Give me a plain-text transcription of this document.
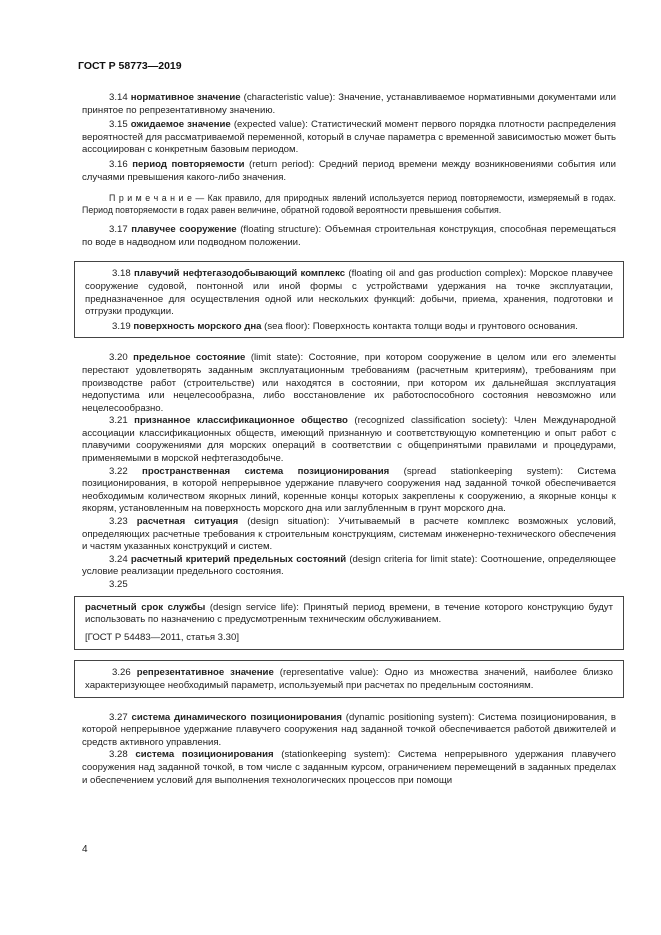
ГОСТ Р 58773—2019

3.14 нормативное значение (characteristic value): Значение, устанавливаемое нормативными документами или принятое по репрезентативному значению.

3.15 ожидаемое значение (expected value): Статистический момент первого порядка плотности распределения вероятностей для рассматриваемой переменной, который в случае параметра с временной зависимостью может быть ассоциирован с конкретным базовым периодом.

3.16 период повторяемости (return period): Средний период времени между возникновениями события или случаями превышения какого-либо значения.

П р и м е ч а н и е — Как правило, для природных явлений используется период повторяемости, измеряемый в годах. Период повторяемости в годах равен величине, обратной годовой вероятности превышения события.

3.17 плавучее сооружение (floating structure): Объемная строительная конструкция, способная перемещаться по воде в надводном или подводном положении.

3.18 плавучий нефтегазодобывающий комплекс (floating oil and gas production complex): Морское плавучее сооружение судовой, понтонной или иной формы с устройствами удержания на точке эксплуатации, предназначенное для осуществления одной или нескольких функций: добычи, приема, хранения, подготовки и отгрузки продукции.

3.19 поверхность морского дна (sea floor): Поверхность контакта толщи воды и грунтового основания.

3.20 предельное состояние (limit state): Состояние, при котором сооружение в целом или его элементы перестают удовлетворять заданным эксплуатационным требованиям (расчетным критериям), требованиям при производстве работ (строительстве) или находятся в состоянии, при котором их дальнейшая эксплуатация недопустима или нецелесообразна, либо восстановление их работоспособного состояния невозможно или нецелесообразно.

3.21 признанное классификационное общество (recognized classification society): Член Международной ассоциации классификационных обществ, имеющий признанную и соответствующую компетенцию и опыт работ с плавучими сооружениями для морских операций в соответствии с общепринятыми правилами и процедурами, применяемыми в морской нефтегазодобыче.

3.22 пространственная система позиционирования (spread stationkeeping system): Система позиционирования, в которой непрерывное удержание плавучего сооружения над заданной точкой обеспечивается необходимым количеством якорных линий, коренные концы которых закреплены к сооружению, а якорные концы к якорям, установленным на поверхность морского дна или заглубленным в грунт морского дна.

3.23 расчетная ситуация (design situation): Учитываемый в расчете комплекс возможных условий, определяющих расчетные требования к строительным конструкциям, системам инженерно-технического обеспечения и частям указанных конструкций и систем.

3.24 расчетный критерий предельных состояний (design criteria for limit state): Соотношение, определяющее условие реализации предельного состояния.

3.25

расчетный срок службы (design service life): Принятый период времени, в течение которого конструкцию будут использовать по назначению с предусмотренным техническим обслуживанием.

[ГОСТ Р 54483—2011, статья 3.30]

3.26 репрезентативное значение (representative value): Одно из множества значений, наиболее близко характеризующее необходимый параметр, используемый при расчетах по предельным состояниям.

3.27 система динамического позиционирования (dynamic positioning system): Система позиционирования, в которой непрерывное удержание плавучего сооружения над заданной точкой обеспечивается работой движителей и средств активного управления.

3.28 система позиционирования (stationkeeping system): Система непрерывного удержания плавучего сооружения над заданной точкой, в том числе с заданным курсом, ограничением перемещений в заданных пределах и обеспечением условий для выполнения технологических процессов при помощи

4
